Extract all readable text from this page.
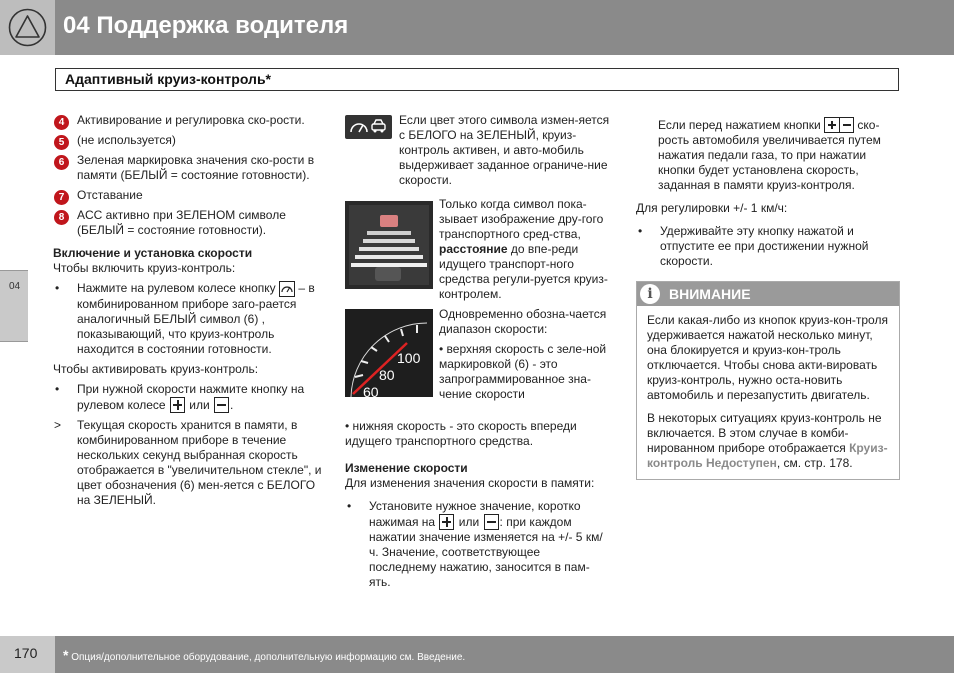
04 Поддержка водителя
Адаптивный круиз-контроль*
04
4	Активирование и регулировка ско-рости.
5	(не используется)
6	Зеленая маркировка значения ско-рости в памяти (БЕЛЫЙ = состояние готовности).
7	Отставание
8	ACC активно при ЗЕЛЕНОМ символе (БЕЛЫЙ = состояние готовности).
Включение и установка скорости
Чтобы включить круиз-контроль:
• Нажмите на рулевом колесе кнопку – в комбинированном приборе заго-рается аналогичный БЕЛЫЙ символ (6) , показывающий, что круиз-контроль находится в состоянии готовности.
Чтобы активировать круиз-контроль:
• При нужной скорости нажмите кнопку на рулевом колесе или .
> Текущая скорость хранится в памяти, в комбинированном приборе в течение нескольких секунд выбранная скорость отображается в "увеличительном стекле", и цвет обозначения (6) мен-яется с БЕЛОГО на ЗЕЛЕНЫЙ.
Если цвет этого символа измен-яется с БЕЛОГО на ЗЕЛЕНЫЙ, круиз-контроль активен, и авто-мобиль выдерживает заданное ограниче-ние скорости.
Только когда символ пока-зывает изображение дру-гого транспортного сред-ства, расстояние до впе-реди идущего транспорт-ного средства регули-руется круиз-контролем.
100
80
60
Одновременно обозна-чается диапазон скорости:
• верхняя скорость с зеле-ной маркировкой (6) - это запрограммированное зна-чение скорости
• нижняя скорость - это скорость впереди идущего транспортного средства.
Изменение скорости
Для изменения значения скорости в памяти:
• Установите нужное значение, коротко нажимая на или : при каждом нажатии значение изменяется на +/- 5 км/ч. Значение, соответствующее последнему нажатию, заносится в пам-ять.
Если перед нажатием кнопки	ско-рость автомобиля увеличивается путем нажатия педали газа, то при нажатии кнопки будет установлена скорость, заданная в памяти круиз-контроля.
Для регулировки +/- 1 км/ч:
• Удерживайте эту кнопку нажатой и отпустите ее при достижении нужной скорости.
i	ВНИМАНИЕ
Если какая-либо из кнопок круиз-кон-троля удерживается нажатой несколько минут, она блокируется и круиз-кон-троль отключается. Чтобы снова акти-вировать круиз-контроль, нужно оста-новить автомобиль и перезапустить двигатель.
В некоторых ситуациях круиз-контроль не включается. В этом случае в комби-нированном приборе отображается Круиз-контроль Недоступен, см. стр. 178.
170 * Опция/дополнительное оборудование, дополнительную информацию см. Введение.
